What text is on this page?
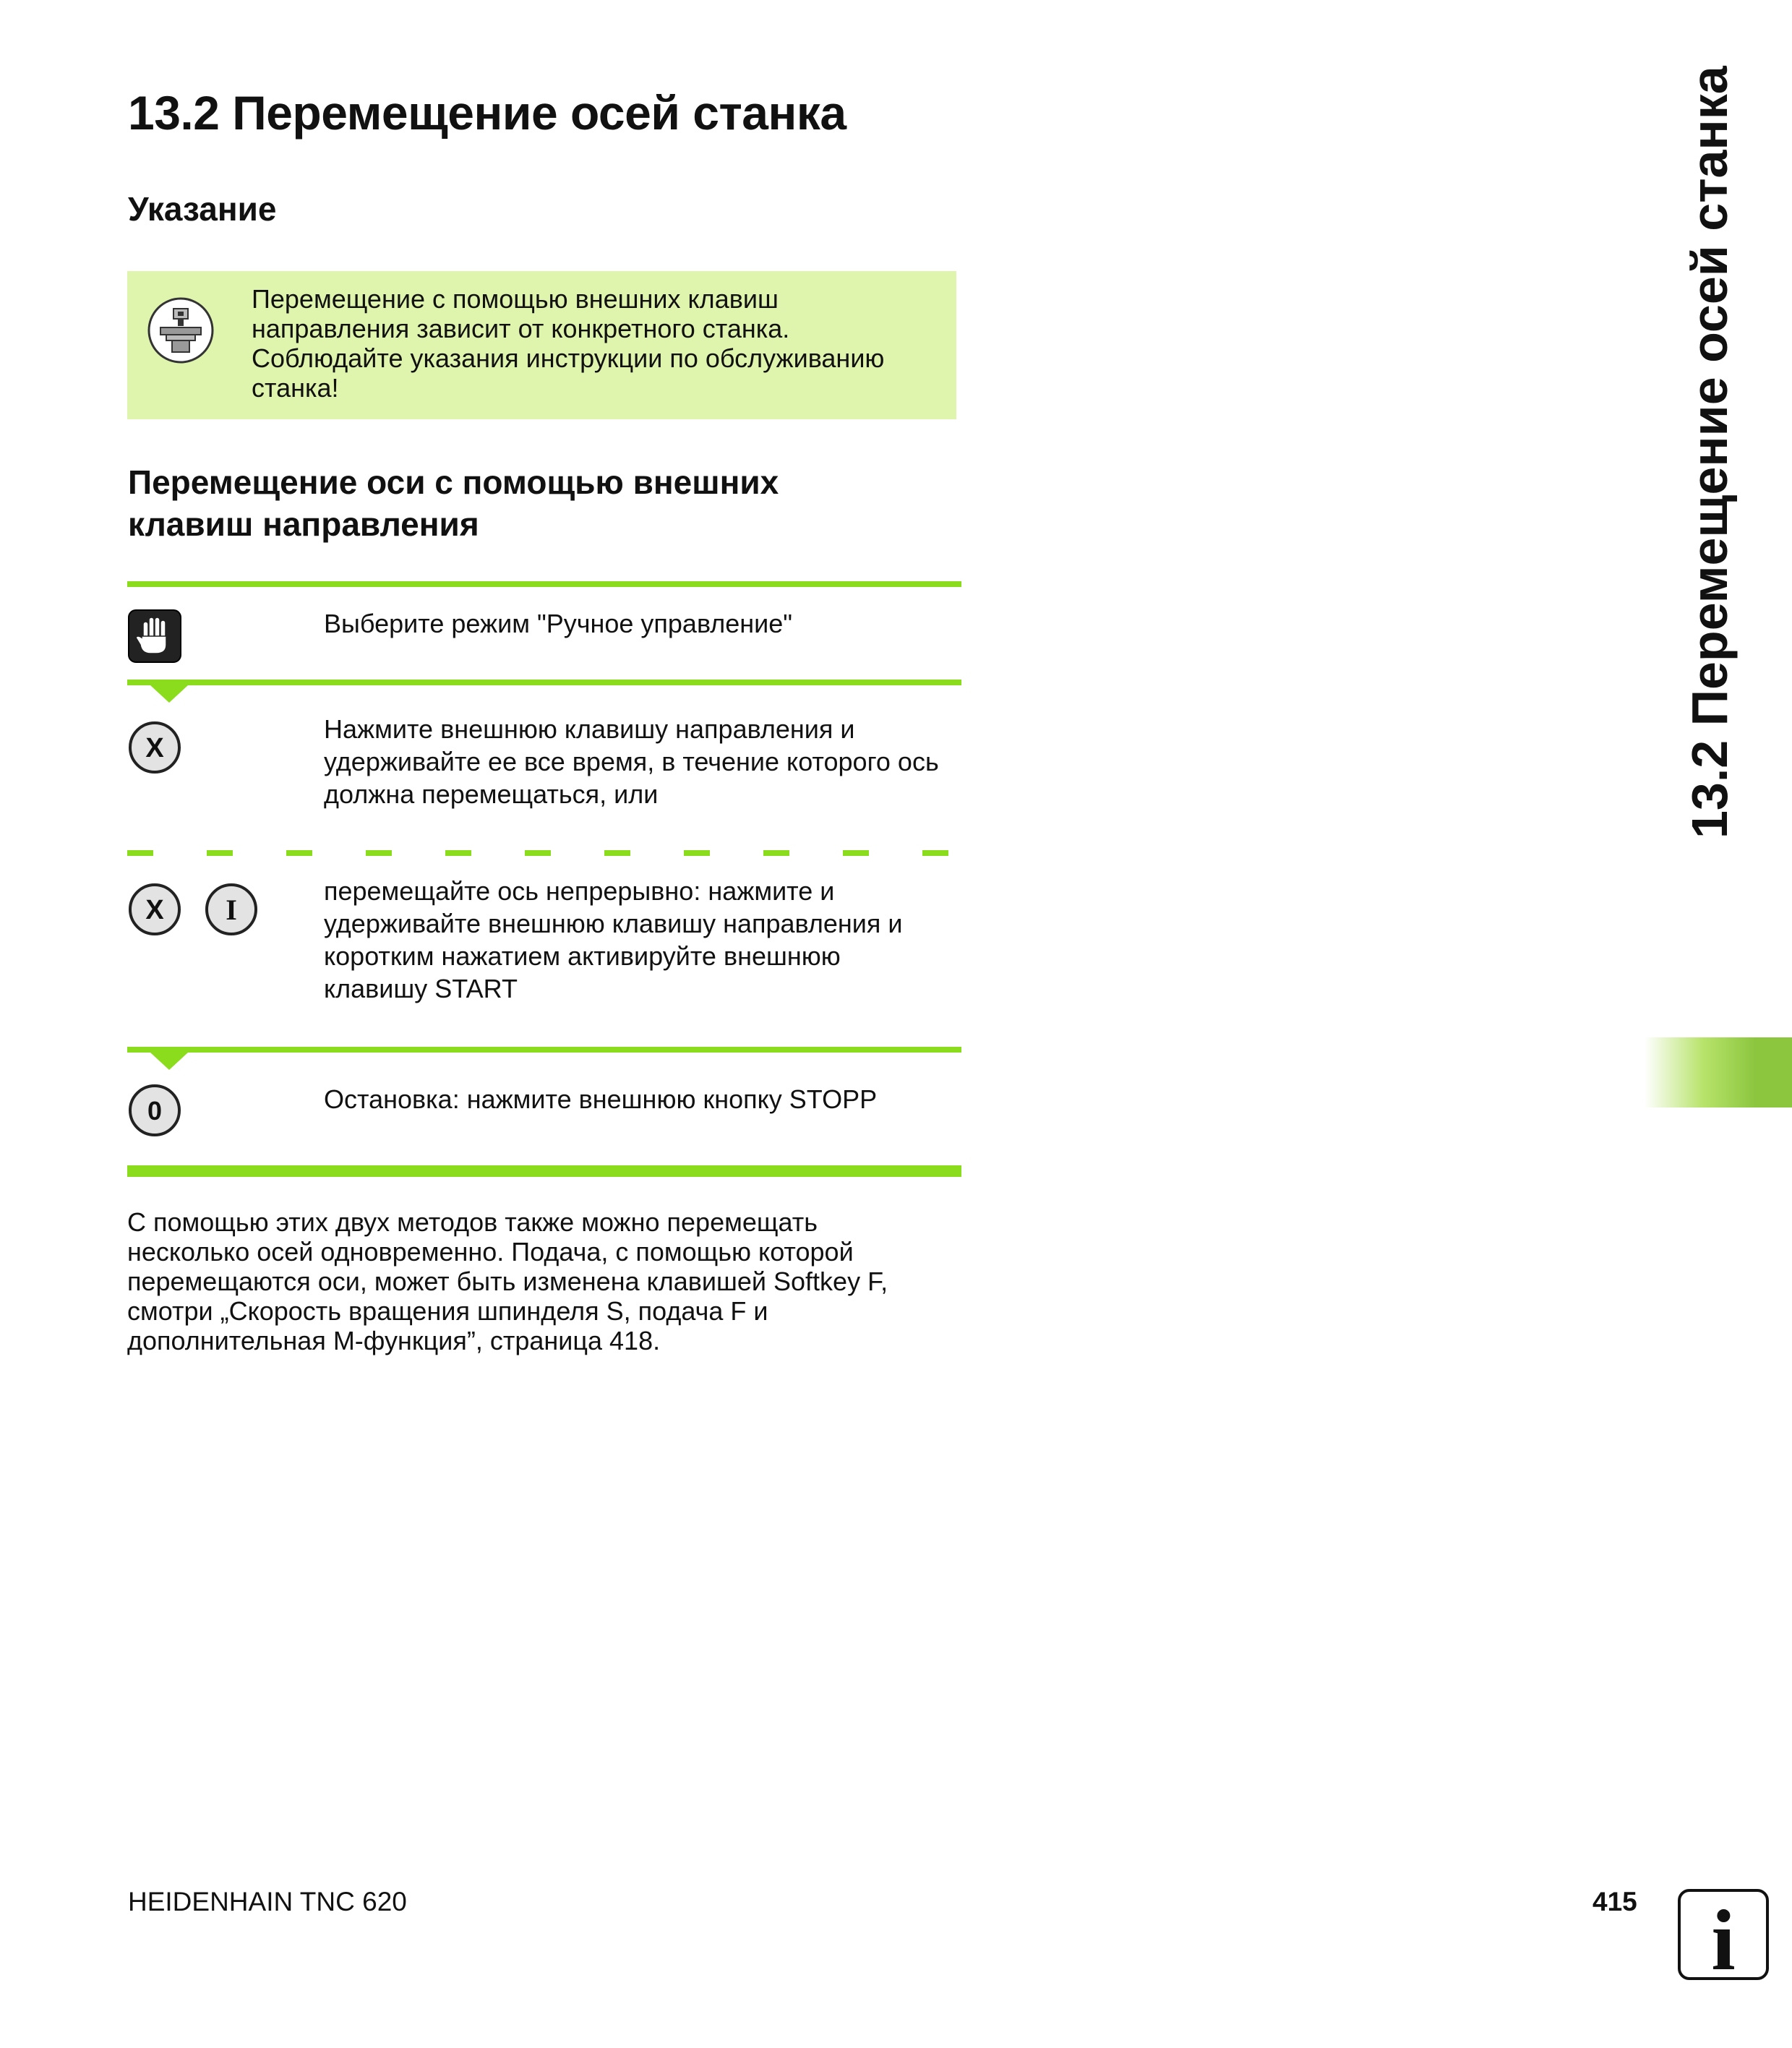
13.2 Перемещение осей станка
Указание
Перемещение с помощью внешних клавиш
направления зависит от конкретного станка.
Соблюдайте указания инструкции по обслуживанию
станка!
Перемещение оси с помощью внешних
клавиш направления
Выберите режим "Ручное управление"
X
Нажмите внешнюю клавишу направления и
удерживайте ее все время, в течение которого ось
должна перемещаться, или
X I
перемещайте ось непрерывно: нажмите и
удерживайте внешнюю клавишу направления и
коротким нажатием активируйте внешнюю
клавишу START
0	Остановка: нажмите внешнюю кнопку STOPP
С помощью этих двух методов также можно перемещать
несколько осей одновременно. Подача, с помощью которой
перемещаются оси, может быть изменена клавишей Softkey F,
смотри „Скорость вращения шпинделя S, подача F и
дополнительная M-функция”, страница 418.
13.2 Перемещение осей станка
HEIDENHAIN TNC 620	415 i
